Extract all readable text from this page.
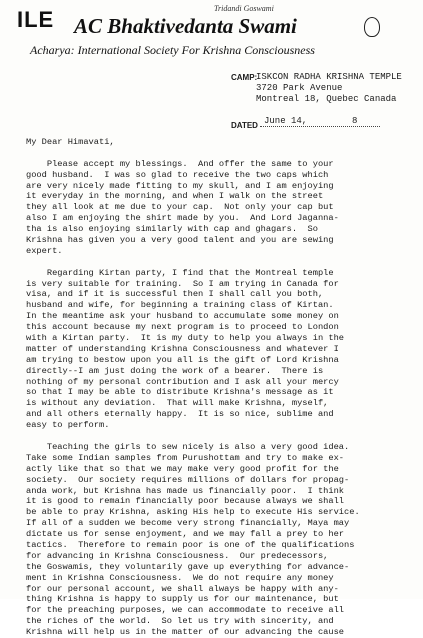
ILE	Tridandi Goswami
AC Bhaktivedanta Swami
Acharya: International Society For Krishna Consciousness
CAMP:
ISKCON RADHA KRISHNA TEMPLE
3720 Park Avenue
Montreal 18, Quebec Canada
DATED June 14,	8
My Dear Himavati,
Please accept my blessings.  And offer the same to your
good husband.  I was so glad to receive the two caps which
are very nicely made fitting to my skull, and I am enjoying
it everyday in the morning, and when I walk on the street
they all look at me due to your cap.  Not only your cap but
also I am enjoying the shirt made by you.  And Lord Jaganna-
tha is also enjoying similarly with cap and ghagars.  So
Krishna has given you a very good talent and you are sewing
expert.
Regarding Kirtan party, I find that the Montreal temple
is very suitable for training.  So I am trying in Canada for
visa, and if it is successful then I shall call you both,
husband and wife, for beginning a training class of Kirtan.
In the meantime ask your husband to accumulate some money on
this account because my next program is to proceed to London
with a Kirtan party.  It is my duty to help you always in the
matter of understanding Krishna Consciousness and whatever I
am trying to bestow upon you all is the gift of Lord Krishna
directly--I am just doing the work of a bearer.  There is
nothing of my personal contribution and I ask all your mercy
so that I may be able to distribute Krishna's message as it
is without any deviation.  That will make Krishna, myself,
and all others eternally happy.  It is so nice, sublime and
easy to perform.
Teaching the girls to sew nicely is also a very good idea.
Take some Indian samples from Purushottam and try to make ex-
actly like that so that we may make very good profit for the
society.  Our society requires millions of dollars for propag-
anda work, but Krishna has made us financially poor.  I think
it is good to remain financially poor because always we shall
be able to pray Krishna, asking His help to execute His service.
If all of a sudden we become very strong financially, Maya may
dictate us for sense enjoyment, and we may fall a prey to her
tactics.  Therefore to remain poor is one of the qualifications
for advancing in Krishna Consciousness.  Our predecessors,
the Goswamis, they voluntarily gave up everything for advance-
ment in Krishna Consciousness.  We do not require any money
for our personal account, we shall always be happy with any-
thing Krishna is happy to supply us for our maintenance, but
for the preaching purposes, we can accommodate to receive all
the riches of the world.  So let us try with sincerity, and
Krishna will help us in the matter of our advancing the cause
